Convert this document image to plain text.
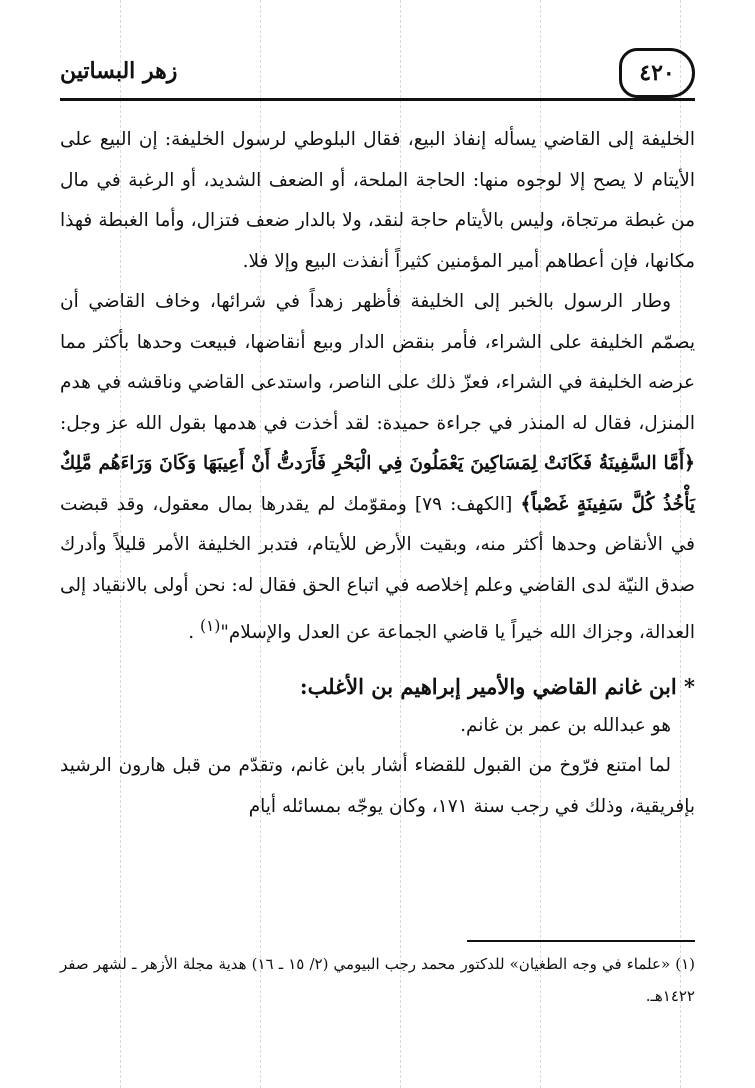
زهر البساتين	٤٢٠

الخليفة إلى القاضي يسأله إنفاذ البيع، فقال البلوطي لرسول الخليفة: إن البيع على الأيتام لا يصح إلا لوجوه منها: الحاجة الملحة، أو الضعف الشديد، أو الرغبة في مال من غبطة مرتجاة، وليس بالأيتام حاجة لنقد، ولا بالدار ضعف فتزال، وأما الغبطة فهذا مكانها، فإن أعطاهم أمير المؤمنين كثيراً أنفذت البيع وإلا فلا.

وطار الرسول بالخبر إلى الخليفة فأظهر زهداً في شرائها، وخاف القاضي أن يصمّم الخليفة على الشراء، فأمر بنقض الدار وبيع أنقاضها، فبيعت وحدها بأكثر مما عرضه الخليفة في الشراء، فعزّ ذلك على الناصر، واستدعى القاضي وناقشه في هدم المنزل، فقال له المنذر في جراءة حميدة: لقد أخذت في هدمها بقول الله عز وجل: ﴿أَمَّا السَّفِينَةُ فَكَانَتْ لِمَسَاكِينَ يَعْمَلُونَ فِي الْبَحْرِ فَأَرَدتُّ أَنْ أَعِيبَهَا وَكَانَ وَرَاءَهُم مَّلِكٌ يَأْخُذُ كُلَّ سَفِينَةٍ غَصْباً﴾ [الكهف: ٧٩] ومقوّمك لم يقدرها بمال معقول، وقد قبضت في الأنقاض وحدها أكثر منه، وبقيت الأرض للأيتام، فتدبر الخليفة الأمر قليلاً وأدرك صدق النيّة لدى القاضي وعلم إخلاصه في اتباع الحق فقال له: نحن أولى بالانقياد إلى العدالة، وجزاك الله خيراً يا قاضي الجماعة عن العدل والإسلام"$^{(١)}$ .

* ابن غانم القاضي والأمير إبراهيم بن الأغلب:

هو عبدالله بن عمر بن غانم.

لما امتنع فرّوخ من القبول للقضاء أشار بابن غانم، وتقدّم من قبل هارون الرشيد بإفريقية، وذلك في رجب سنة ١٧١، وكان يوجّه بمسائله أيام

(١) «علماء في وجه الطغيان» للدكتور محمد رجب البيومي (٢/ ١٥ ـ ١٦) هدية مجلة الأزهر ـ لشهر صفر ١٤٢٢هـ.
